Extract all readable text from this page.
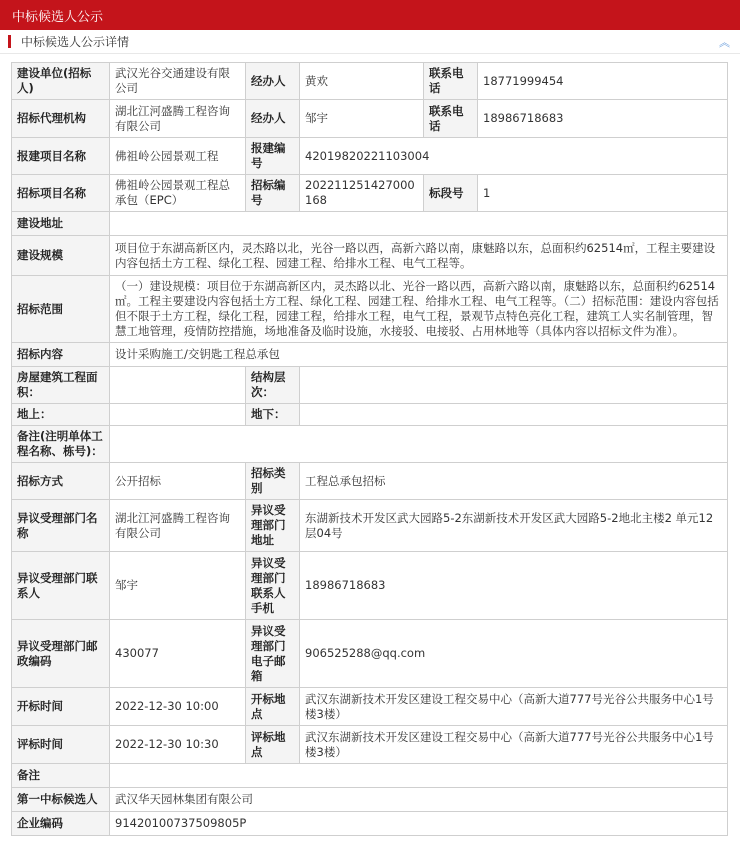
中标候选人公示
中标候选人公示详情	︽
建设单位(招标人)	武汉光谷交通建设有限公司	经办人	黄欢	联系电话	18771999454
招标代理机构	湖北江河盛腾工程咨询有限公司	经办人	邹宇	联系电话	18986718683
报建项目名称	佛祖岭公园景观工程	报建编号	42019820221103004		
招标项目名称	佛祖岭公园景观工程总承包（EPC）	招标编号	202211251427000168	标段号	1
建设地址					
建设规模	项目位于东湖高新区内，灵杰路以北，光谷一路以西，高新六路以南，康魅路以东，总面积约62514㎡，工程主要建设内容包括土方工程、绿化工程、园建工程、给排水工程、电气工程等。				
招标范围	（一）建设规模：项目位于东湖高新区内，灵杰路以北、光谷一路以西，高新六路以南，康魅路以东，总面积约62514㎡。工程主要建设内容包括土方工程、绿化工程、园建工程、给排水工程、电气工程等。（二）招标范围：建设内容包括但不限于土方工程，绿化工程，园建工程，给排水工程，电气工程，景观节点特色亮化工程，建筑工人实名制管理，智慧工地管理，疫情防控措施，场地准备及临时设施，水接驳、电接驳、占用林地等（具体内容以招标文件为准）。				
招标内容	设计采购施工/交钥匙工程总承包				
房屋建筑工程面积：		结构层次：			
地上：		地下：			
备注(注明单体工程名称、栋号)：					
招标方式	公开招标	招标类别	工程总承包招标		
异议受理部门名称	湖北江河盛腾工程咨询有限公司	异议受理部门地址	东湖新技术开发区武大园路5-2东湖新技术开发区武大园路5-2地北主楼2 单元12层04号		
异议受理部门联系人	邹宇	异议受理部门联系人手机	18986718683		
异议受理部门邮政编码	430077	异议受理部门电子邮箱	906525288@qq.com		
开标时间	2022-12-30 10:00	开标地点	武汉东湖新技术开发区建设工程交易中心（高新大道777号光谷公共服务中心1号楼3楼）		
评标时间	2022-12-30 10:30	评标地点	武汉东湖新技术开发区建设工程交易中心（高新大道777号光谷公共服务中心1号楼3楼）		
备注					
第一中标候选人	武汉华天园林集团有限公司				
企业编码	91420100737509805P				
